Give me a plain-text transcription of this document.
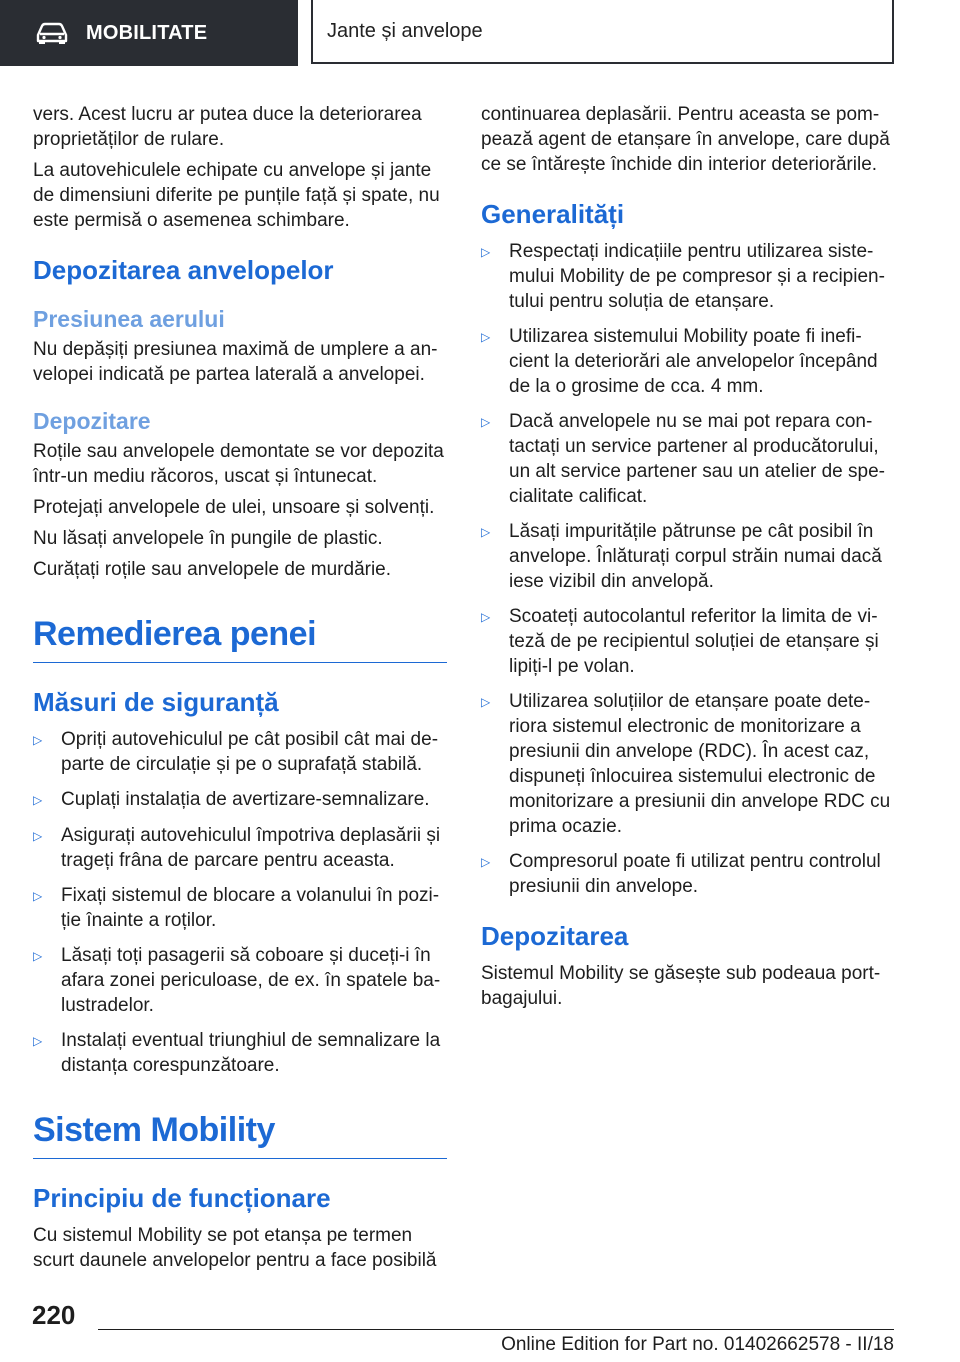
MOBILITATE	Jante și anvelope

vers. Acest lucru ar putea duce la deteriorarea proprietăților de rulare.

La autovehiculele echipate cu anvelope și jante de dimensiuni diferite pe punțile față și spate, nu este permisă o asemenea schimbare.

Depozitarea anvelopelor
Presiunea aerului

Nu depășiți presiunea maximă de umplere a anvelopei indicată pe partea laterală a anvelopei.

Depozitare

Roțile sau anvelopele demontate se vor depozita într-un mediu răcoros, uscat și întunecat.

Protejați anvelopele de ulei, unsoare și solvenți.

Nu lăsați anvelopele în pungile de plastic.

Curățați roțile sau anvelopele de murdărie.

Remedierea penei
Măsuri de siguranță
▷ Opriți autovehiculul pe cât posibil cât mai departe de circulație și pe o suprafață stabilă.
▷ Cuplați instalația de avertizare-semnalizare.
▷ Asigurați autovehiculul împotriva deplasării și trageți frâna de parcare pentru aceasta.
▷ Fixați sistemul de blocare a volanului în poziție înainte a roților.
▷ Lăsați toți pasagerii să coboare și duceți-i în afara zonei periculoase, de ex. în spatele balustradelor.
▷ Instalați eventual triunghiul de semnalizare la distanța corespunzătoare.
Sistem Mobility
Principiu de funcționare

Cu sistemul Mobility se pot etanșa pe termen scurt daunele anvelopelor pentru a face posibilă

continuarea deplasării. Pentru aceasta se pompează agent de etanșare în anvelope, care după ce se întărește închide din interior deteriorările.

Generalități
▷ Respectați indicațiile pentru utilizarea sistemului Mobility de pe compresor și a recipientului pentru soluția de etanșare.
▷ Utilizarea sistemului Mobility poate fi ineficient la deteriorări ale anvelopelor începând de la o grosime de cca. 4 mm.
▷ Dacă anvelopele nu se mai pot repara contactați un service partener al producătorului, un alt service partener sau un atelier de specialitate calificat.
▷ Lăsați impuritățile pătrunse pe cât posibil în anvelope. Înlăturați corpul străin numai dacă iese vizibil din anvelopă.
▷ Scoateți autocolantul referitor la limita de viteză de pe recipientul soluției de etanșare și lipiți-l pe volan.
▷ Utilizarea soluțiilor de etanșare poate deteriora sistemul electronic de monitorizare a presiunii din anvelope (RDC). În acest caz, dispuneți înlocuirea sistemului electronic de monitorizare a presiunii din anvelope RDC cu prima ocazie.
▷ Compresorul poate fi utilizat pentru controlul presiunii din anvelope.
Depozitarea

Sistemul Mobility se găsește sub podeaua portbagajului.

220
Online Edition for Part no. 01402662578 - II/18
